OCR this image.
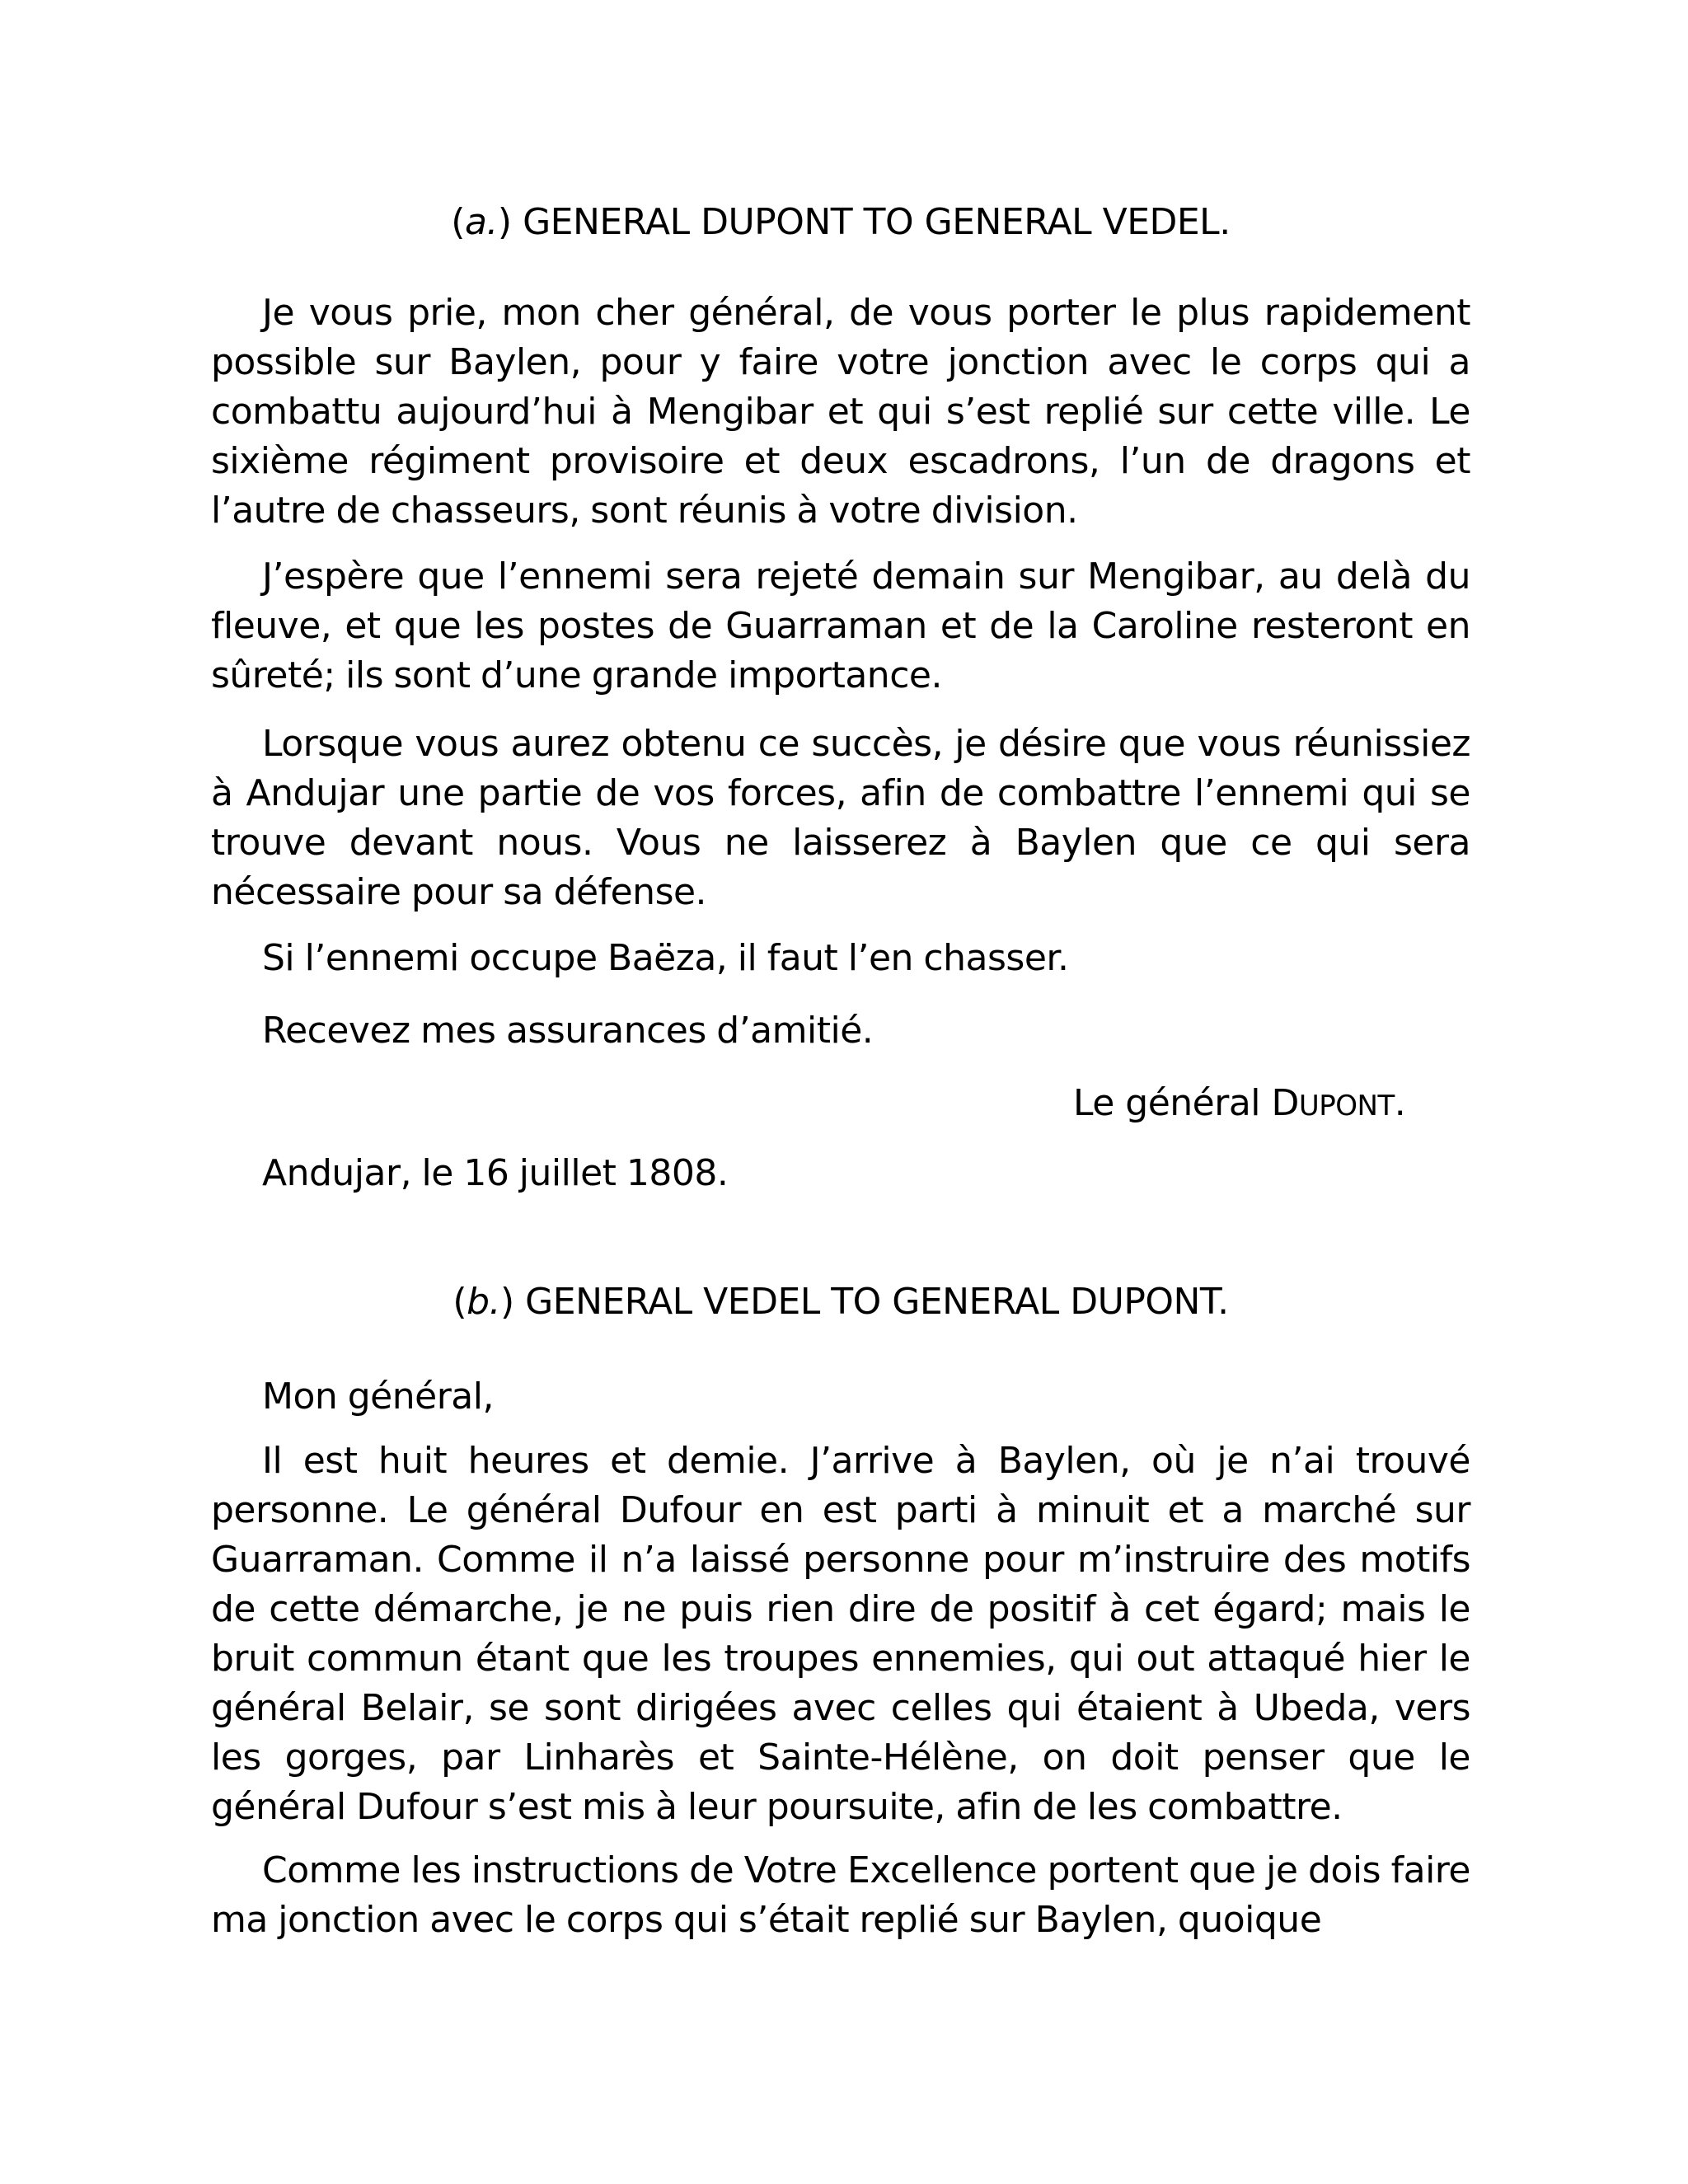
(a.) GENERAL DUPONT TO GENERAL VEDEL.

Je vous prie, mon cher général, de vous porter le plus rapidement possible sur Baylen, pour y faire votre jonction avec le corps qui a combattu aujourd’hui à Mengibar et qui s’est replié sur cette ville. Le sixième régiment provisoire et deux escadrons, l’un de dragons et l’autre de chasseurs, sont réunis à votre division.

J’espère que l’ennemi sera rejeté demain sur Mengibar, au delà du fleuve, et que les postes de Guarraman et de la Caroline resteront en sûreté; ils sont d’une grande importance.

Lorsque vous aurez obtenu ce succès, je désire que vous réunissiez à Andujar une partie de vos forces, afin de combattre l’ennemi qui se trouve devant nous. Vous ne laisserez à Baylen que ce qui sera nécessaire pour sa défense.

Si l’ennemi occupe Baëza, il faut l’en chasser.

Recevez mes assurances d’amitié.

Le général DUPONT.

Andujar, le 16 juillet 1808.

(b.) GENERAL VEDEL TO GENERAL DUPONT.

Mon général,

Il est huit heures et demie. J’arrive à Baylen, où je n’ai trouvé personne. Le général Dufour en est parti à minuit et a marché sur Guarraman. Comme il n’a laissé personne pour m’instruire des motifs de cette démarche, je ne puis rien dire de positif à cet égard; mais le bruit commun étant que les troupes ennemies, qui out attaqué hier le général Belair, se sont dirigées avec celles qui étaient à Ubeda, vers les gorges, par Linharès et Sainte-Hélène, on doit penser que le général Dufour s’est mis à leur poursuite, afin de les combattre.

Comme les instructions de Votre Excellence portent que je dois faire ma jonction avec le corps qui s’était replié sur Baylen, quoique
